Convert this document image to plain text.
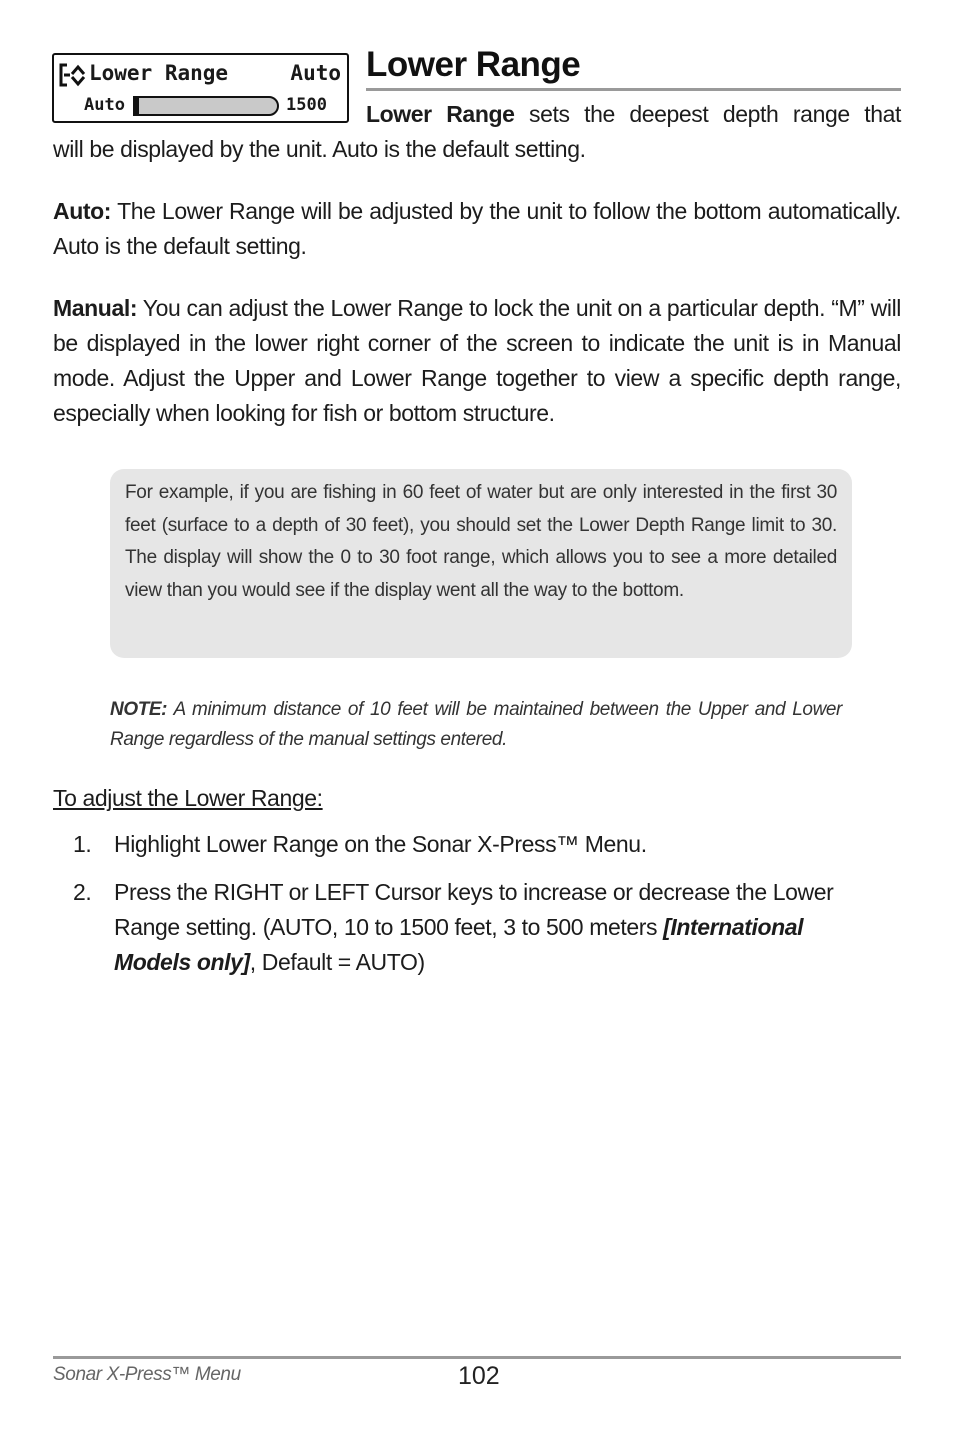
Lower Range	Auto
Auto	1500
Lower Range

Lower Range sets the deepest depth range that

will be displayed by the unit. Auto is the default setting.

Auto: The Lower Range will be adjusted by the unit to follow the bottom automatically. Auto is the default setting.

Manual: You can adjust the Lower Range to lock the unit on a particular depth. “M” will be displayed in the lower right corner of the screen to indicate the unit is in Manual mode. Adjust the Upper and Lower Range together to view a specific depth range, especially when looking for fish or bottom structure.

For example, if you are fishing in 60 feet of water but are only interested in the first 30 feet (surface to a depth of 30 feet), you should set the Lower Depth Range limit to 30. The display will show the 0 to 30 foot range, which allows you to see a more detailed view than you would see if the display went all the way to the bottom.

NOTE: A minimum distance of 10 feet will be maintained between the Upper and Lower Range regardless of the manual settings entered.

To adjust the Lower Range:
1. Highlight Lower Range on the Sonar X-Press™ Menu.

2. Press the RIGHT or LEFT Cursor keys to increase or decrease the Lower Range setting. (AUTO, 10 to 1500 feet, 3 to 500 meters [International Models only], Default = AUTO)

Sonar X-Press™ Menu	102
